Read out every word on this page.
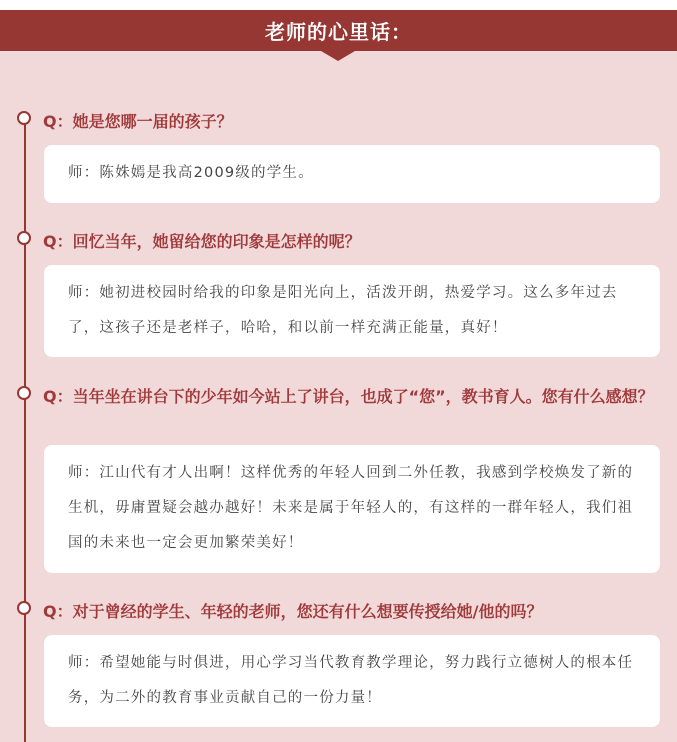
老师的心里话：
Q：她是您哪一届的孩子？
师：陈姝嫣是我高2009级的学生。
Q：回忆当年，她留给您的印象是怎样的呢？
师：她初进校园时给我的印象是阳光向上，活泼开朗，热爱学习。这么多年过去了，这孩子还是老样子，哈哈，和以前一样充满正能量，真好！
Q：当年坐在讲台下的少年如今站上了讲台，也成了“您”，教书育人。您有什么感想？
师：江山代有才人出啊！这样优秀的年轻人回到二外任教，我感到学校焕发了新的生机，毋庸置疑会越办越好！未来是属于年轻人的，有这样的一群年轻人，我们祖国的未来也一定会更加繁荣美好！
Q：对于曾经的学生、年轻的老师，您还有什么想要传授给她/他的吗？
师：希望她能与时俱进，用心学习当代教育教学理论，努力践行立德树人的根本任务，为二外的教育事业贡献自己的一份力量！
